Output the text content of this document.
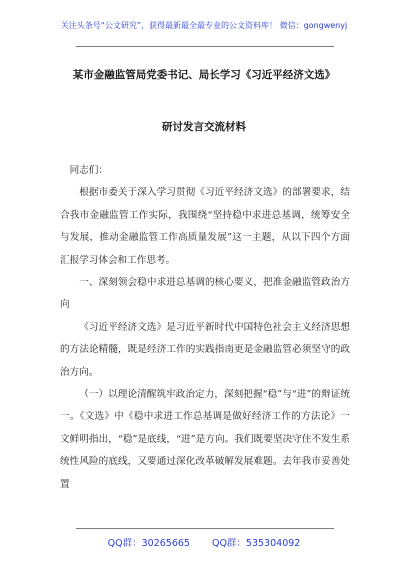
关注头条号“公文研究”，获得最新最全最专业的公文资料库！ 微信：gongwenyj
某市金融监管局党委书记、局长学习《习近平经济文选》
研讨发言交流材料

同志们：

根据市委关于深入学习贯彻《习近平经济文选》的部署要求，结合我市金融监管工作实际，我围绕“坚持稳中求进总基调，统筹安全与发展，推动金融监管工作高质量发展”这一主题，从以下四个方面汇报学习体会和工作思考。

一、深刻领会稳中求进总基调的核心要义，把准金融监管政治方向

《习近平经济文选》是习近平新时代中国特色社会主义经济思想的方法论精髓，既是经济工作的实践指南更是金融监管必须坚守的政治方向。

（一）以理论清醒筑牢政治定力，深刻把握“稳”与“进”的辩证统一。《文选》中《稳中求进工作总基调是做好经济工作的方法论》一文鲜明指出，“稳”是底线，“进”是方向。我们既要坚决守住不发生系统性风险的底线，又要通过深化改革破解发展难题。去年我市妥善处置

QQ群：30265665 QQ群：535304092
